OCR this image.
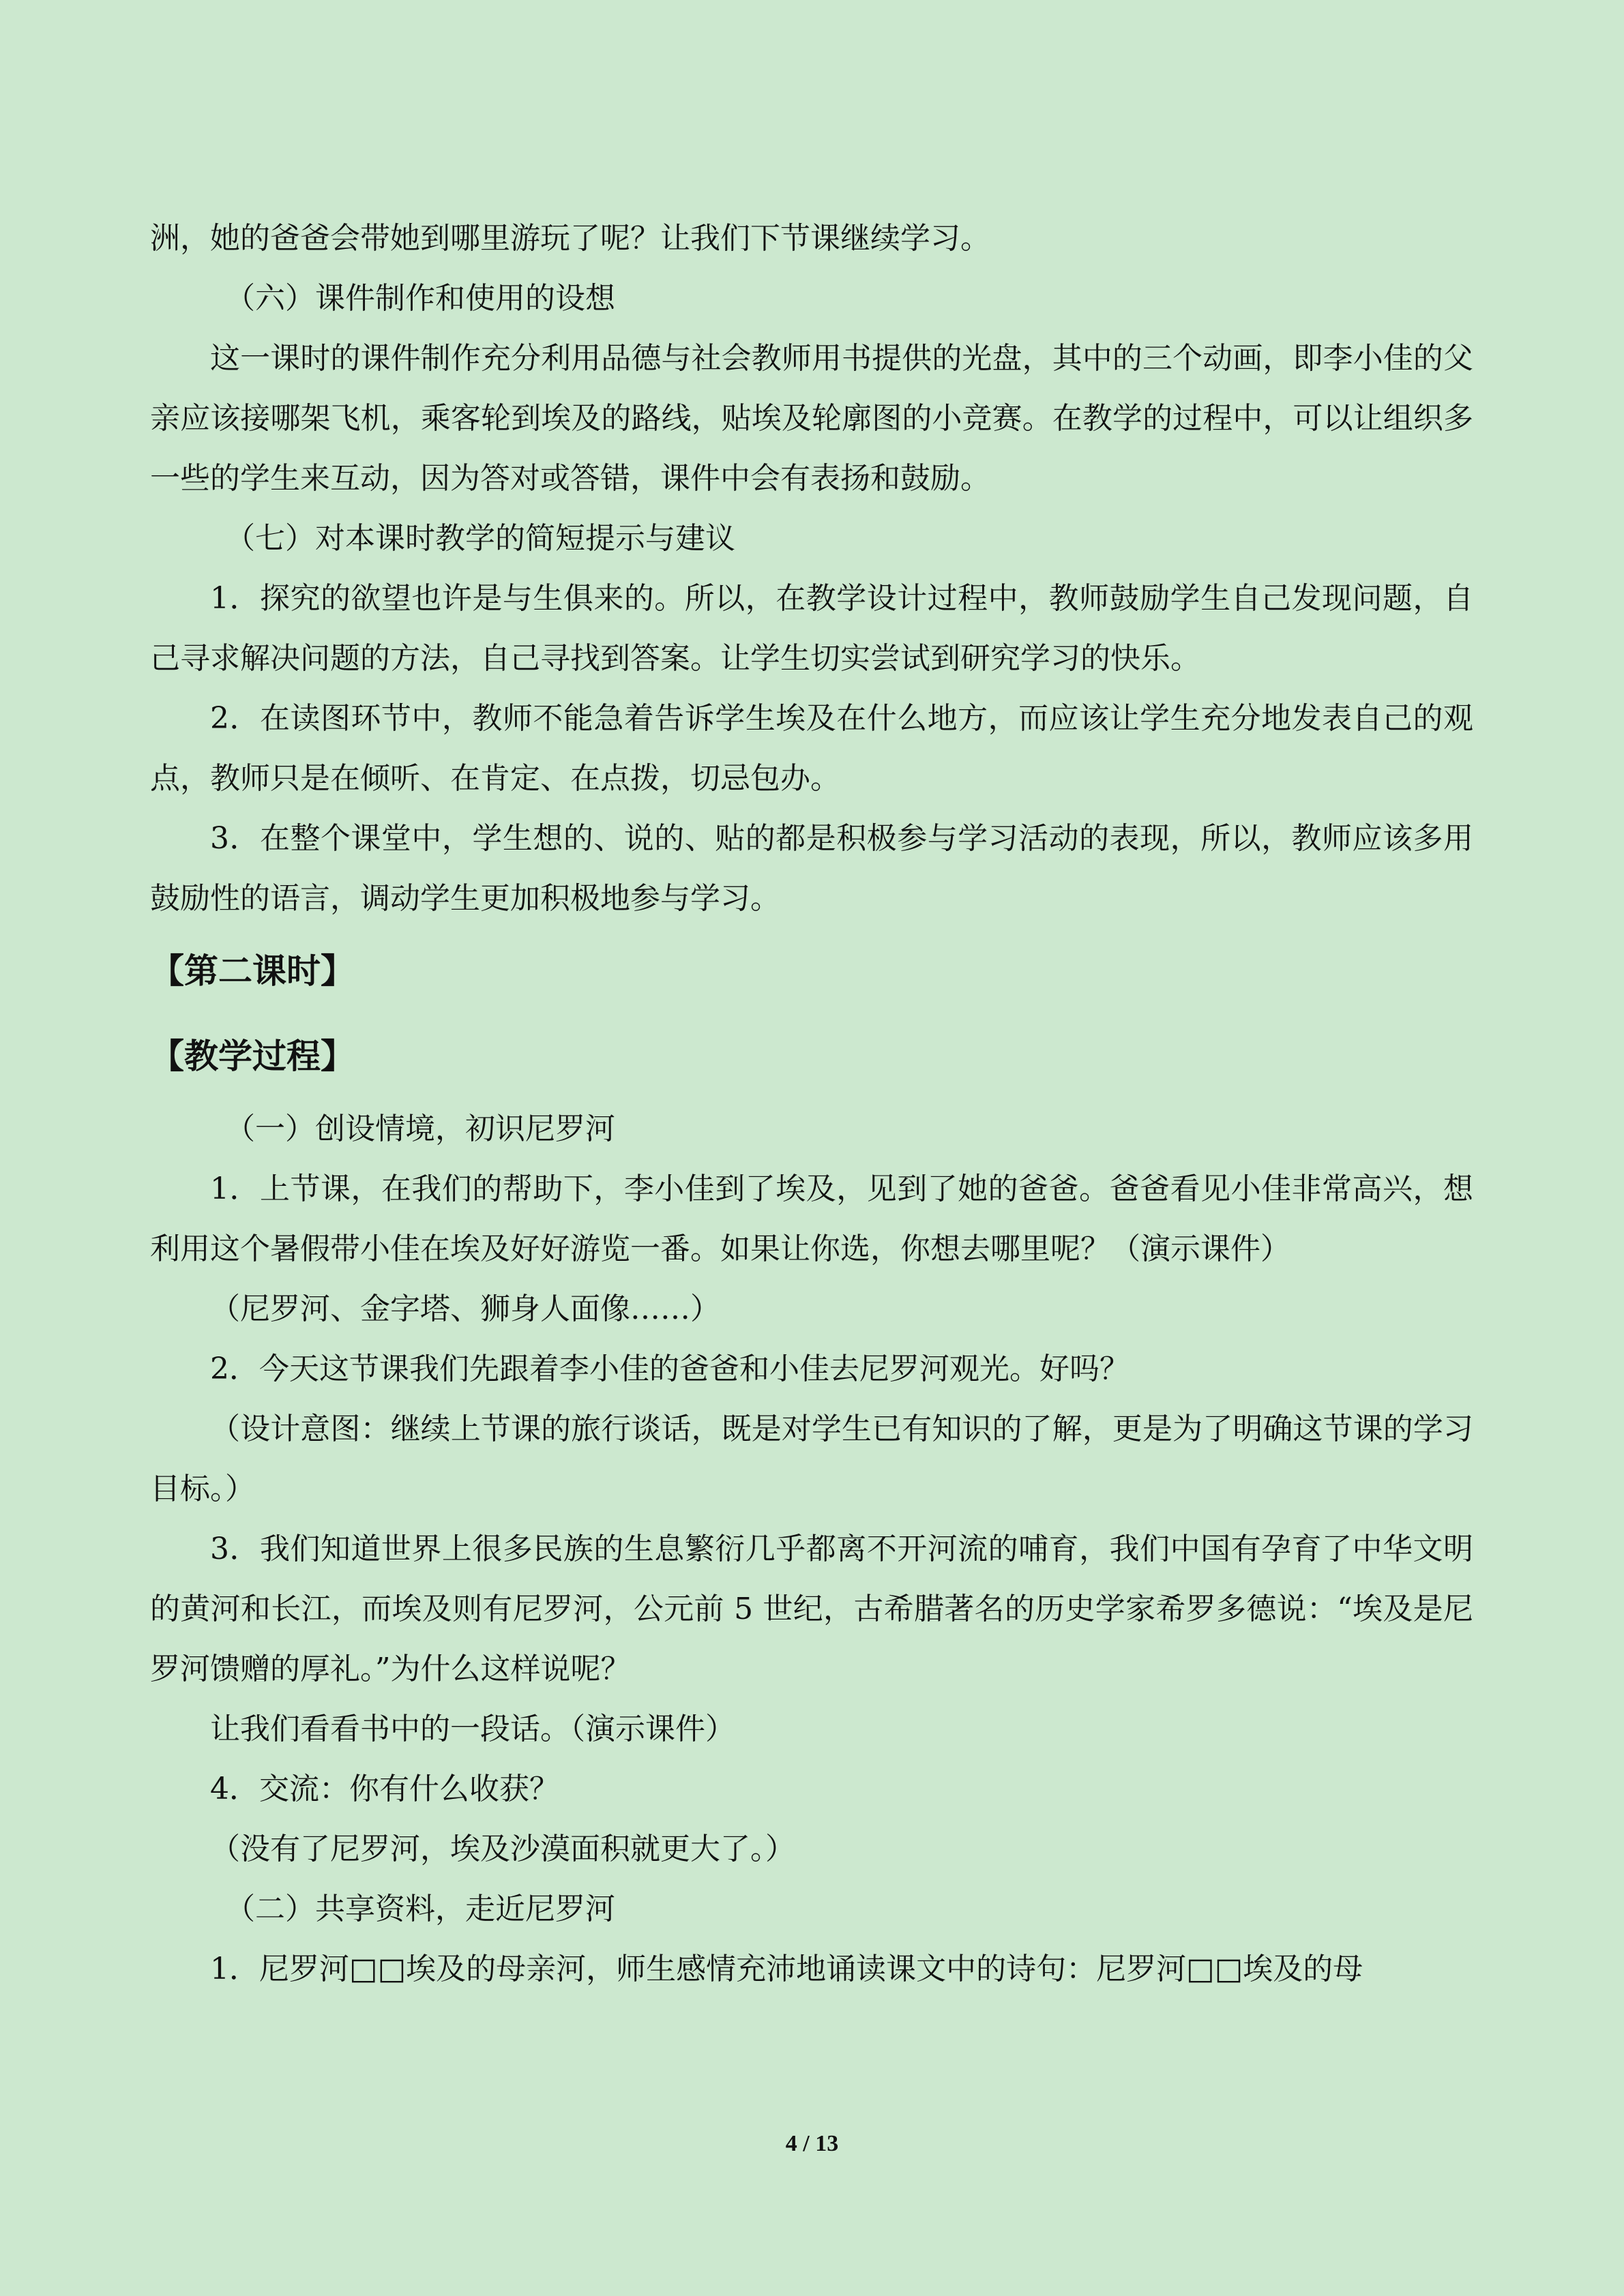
洲，她的爸爸会带她到哪里游玩了呢？让我们下节课继续学习。

（六）课件制作和使用的设想

这一课时的课件制作充分利用品德与社会教师用书提供的光盘，其中的三个动画，即李小佳的父亲应该接哪架飞机，乘客轮到埃及的路线，贴埃及轮廓图的小竞赛。在教学的过程中，可以让组织多一些的学生来互动，因为答对或答错，课件中会有表扬和鼓励。

（七）对本课时教学的简短提示与建议

1．探究的欲望也许是与生俱来的。所以，在教学设计过程中，教师鼓励学生自己发现问题，自己寻求解决问题的方法，自己寻找到答案。让学生切实尝试到研究学习的快乐。

2．在读图环节中，教师不能急着告诉学生埃及在什么地方，而应该让学生充分地发表自己的观点，教师只是在倾听、在肯定、在点拨，切忌包办。

3．在整个课堂中，学生想的、说的、贴的都是积极参与学习活动的表现，所以，教师应该多用鼓励性的语言，调动学生更加积极地参与学习。

【第二课时】
【教学过程】

（一）创设情境，初识尼罗河

1．上节课，在我们的帮助下，李小佳到了埃及，见到了她的爸爸。爸爸看见小佳非常高兴，想利用这个暑假带小佳在埃及好好游览一番。如果让你选，你想去哪里呢？（演示课件）

（尼罗河、金字塔、狮身人面像……）

2．今天这节课我们先跟着李小佳的爸爸和小佳去尼罗河观光。好吗？

（设计意图：继续上节课的旅行谈话，既是对学生已有知识的了解，更是为了明确这节课的学习目标。）

3．我们知道世界上很多民族的生息繁衍几乎都离不开河流的哺育，我们中国有孕育了中华文明的黄河和长江，而埃及则有尼罗河，公元前 5 世纪，古希腊著名的历史学家希罗多德说：“埃及是尼罗河馈赠的厚礼。”为什么这样说呢？

让我们看看书中的一段话。（演示课件）

4．交流：你有什么收获？

（没有了尼罗河，埃及沙漠面积就更大了。）

（二）共享资料，走近尼罗河

1．尼罗河□□埃及的母亲河，师生感情充沛地诵读课文中的诗句：尼罗河□□埃及的母

4 / 13
